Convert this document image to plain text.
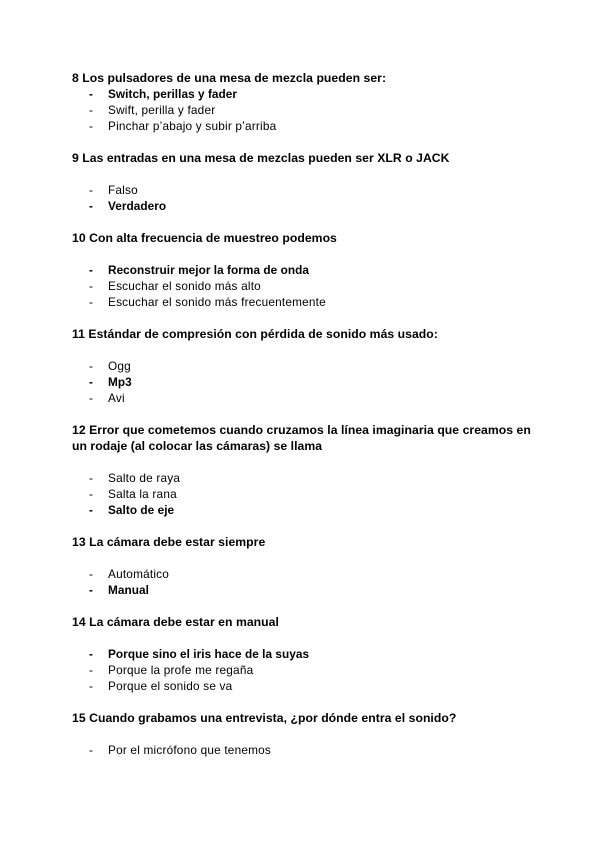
8 Los pulsadores de una mesa de mezcla pueden ser:

- Switch, perillas y fader
- Swift, perilla y fader
- Pinchar p’abajo y subir p’arriba

9 Las entradas en una mesa de mezclas pueden ser XLR o JACK

- Falso
- Verdadero

10 Con alta frecuencia de muestreo podemos

- Reconstruir mejor la forma de onda
- Escuchar el sonido más alto
- Escuchar el sonido más frecuentemente

11 Estándar de compresión con pérdida de sonido más usado:

- Ogg
- Mp3
- Avi

12 Error que cometemos cuando cruzamos la línea imaginaria que creamos en un rodaje (al colocar las cámaras) se llama

- Salto de raya
- Salta la rana
- Salto de eje

13 La cámara debe estar siempre

- Automático
- Manual

14 La cámara debe estar en manual

- Porque sino el iris hace de la suyas
- Porque la profe me regaña
- Porque el sonido se va

15 Cuando grabamos una entrevista, ¿por dónde entra el sonido?

- Por el micrófono que tenemos
